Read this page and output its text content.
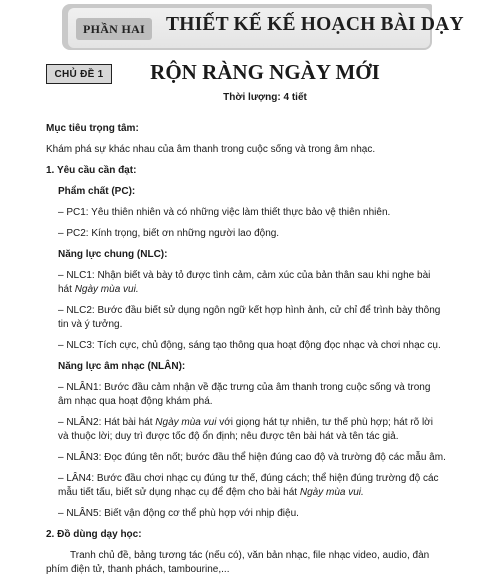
PHẦN HAI	THIẾT KẾ KẾ HOẠCH BÀI DẠY
CHỦ ĐỀ 1	RỘN RÀNG NGÀY MỚI
Thời lượng: 4 tiết
Mục tiêu trọng tâm:
Khám phá sự khác nhau của âm thanh trong cuộc sống và trong âm nhạc.
1. Yêu cầu cần đạt:
Phẩm chất (PC):
– PC1: Yêu thiên nhiên và có những việc làm thiết thực bảo vệ thiên nhiên.
– PC2: Kính trọng, biết ơn những người lao động.
Năng lực chung (NLC):
– NLC1: Nhận biết và bày tỏ được tình cảm, cảm xúc của bản thân sau khi nghe bài hát Ngày mùa vui.
– NLC2: Bước đầu biết sử dụng ngôn ngữ kết hợp hình ảnh, cử chỉ để trình bày thông tin và ý tưởng.
– NLC3: Tích cực, chủ động, sáng tạo thông qua hoạt động đọc nhạc và chơi nhạc cụ.
Năng lực âm nhạc (NLÂN):
– NLÂN1: Bước đầu cảm nhận về đặc trưng của âm thanh trong cuộc sống và trong âm nhạc qua hoạt động khám phá.
– NLÂN2: Hát bài hát Ngày mùa vui với giọng hát tự nhiên, tư thế phù hợp; hát rõ lời và thuộc lời; duy trì được tốc độ ổn định; nêu được tên bài hát và tên tác giả.
– NLÂN3: Đọc đúng tên nốt; bước đầu thể hiện đúng cao độ và trường độ các mẫu âm.
– LÂN4: Bước đầu chơi nhạc cụ đúng tư thế, đúng cách; thể hiện đúng trường độ các mẫu tiết tấu, biết sử dụng nhạc cụ để đệm cho bài hát Ngày mùa vui.
– NLÂN5: Biết vận động cơ thể phù hợp với nhịp điệu.
2. Đồ dùng dạy học:
Tranh chủ đề, bảng tương tác (nếu có), văn bản nhạc, file nhạc video, audio, đàn phím điện tử, thanh phách, tambourine,...
